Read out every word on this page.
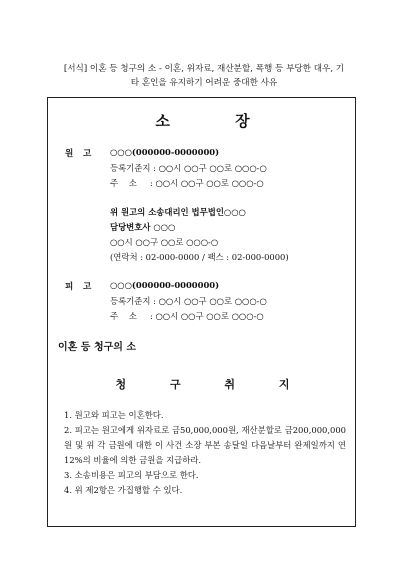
[서식] 이혼 등 청구의 소 - 이혼, 위자료, 재산분할, 폭행 등 부당한 대우, 기
타 혼인을 유지하기 어려운 중대한 사유
소 장
원 고 ○○○(000000-0000000)
등록기준지 : ○○시 ○○구 ○○로 ○○○-○
주    소 : ○○시 ○○구 ○○로 ○○○-○
위 원고의 소송대리인 법무법인○○○
담당변호사 ○○○
○○시 ○○구 ○○로 ○○○-○
(연락처 : 02-000-0000 / 팩스 : 02-000-0000)
피 고 ○○○(000000-0000000)
등록기준지 : ○○시 ○○구 ○○로 ○○○-○
주    소 : ○○시 ○○구 ○○로 ○○○-○
이혼 등 청구의 소
청 구 취 지
1. 원고와 피고는 이혼한다.
2. 피고는 원고에게 위자료로 금50,000,000원, 재산분할로 금200,000,000원 및 위 각 금원에 대한 이 사건 소장 부본 송달일 다음날부터 완제일까지 연 12%의 비율에 의한 금원을 지급하라.
3. 소송비용은 피고의 부담으로 한다.
4. 위 제2항은 가집행할 수 있다.
